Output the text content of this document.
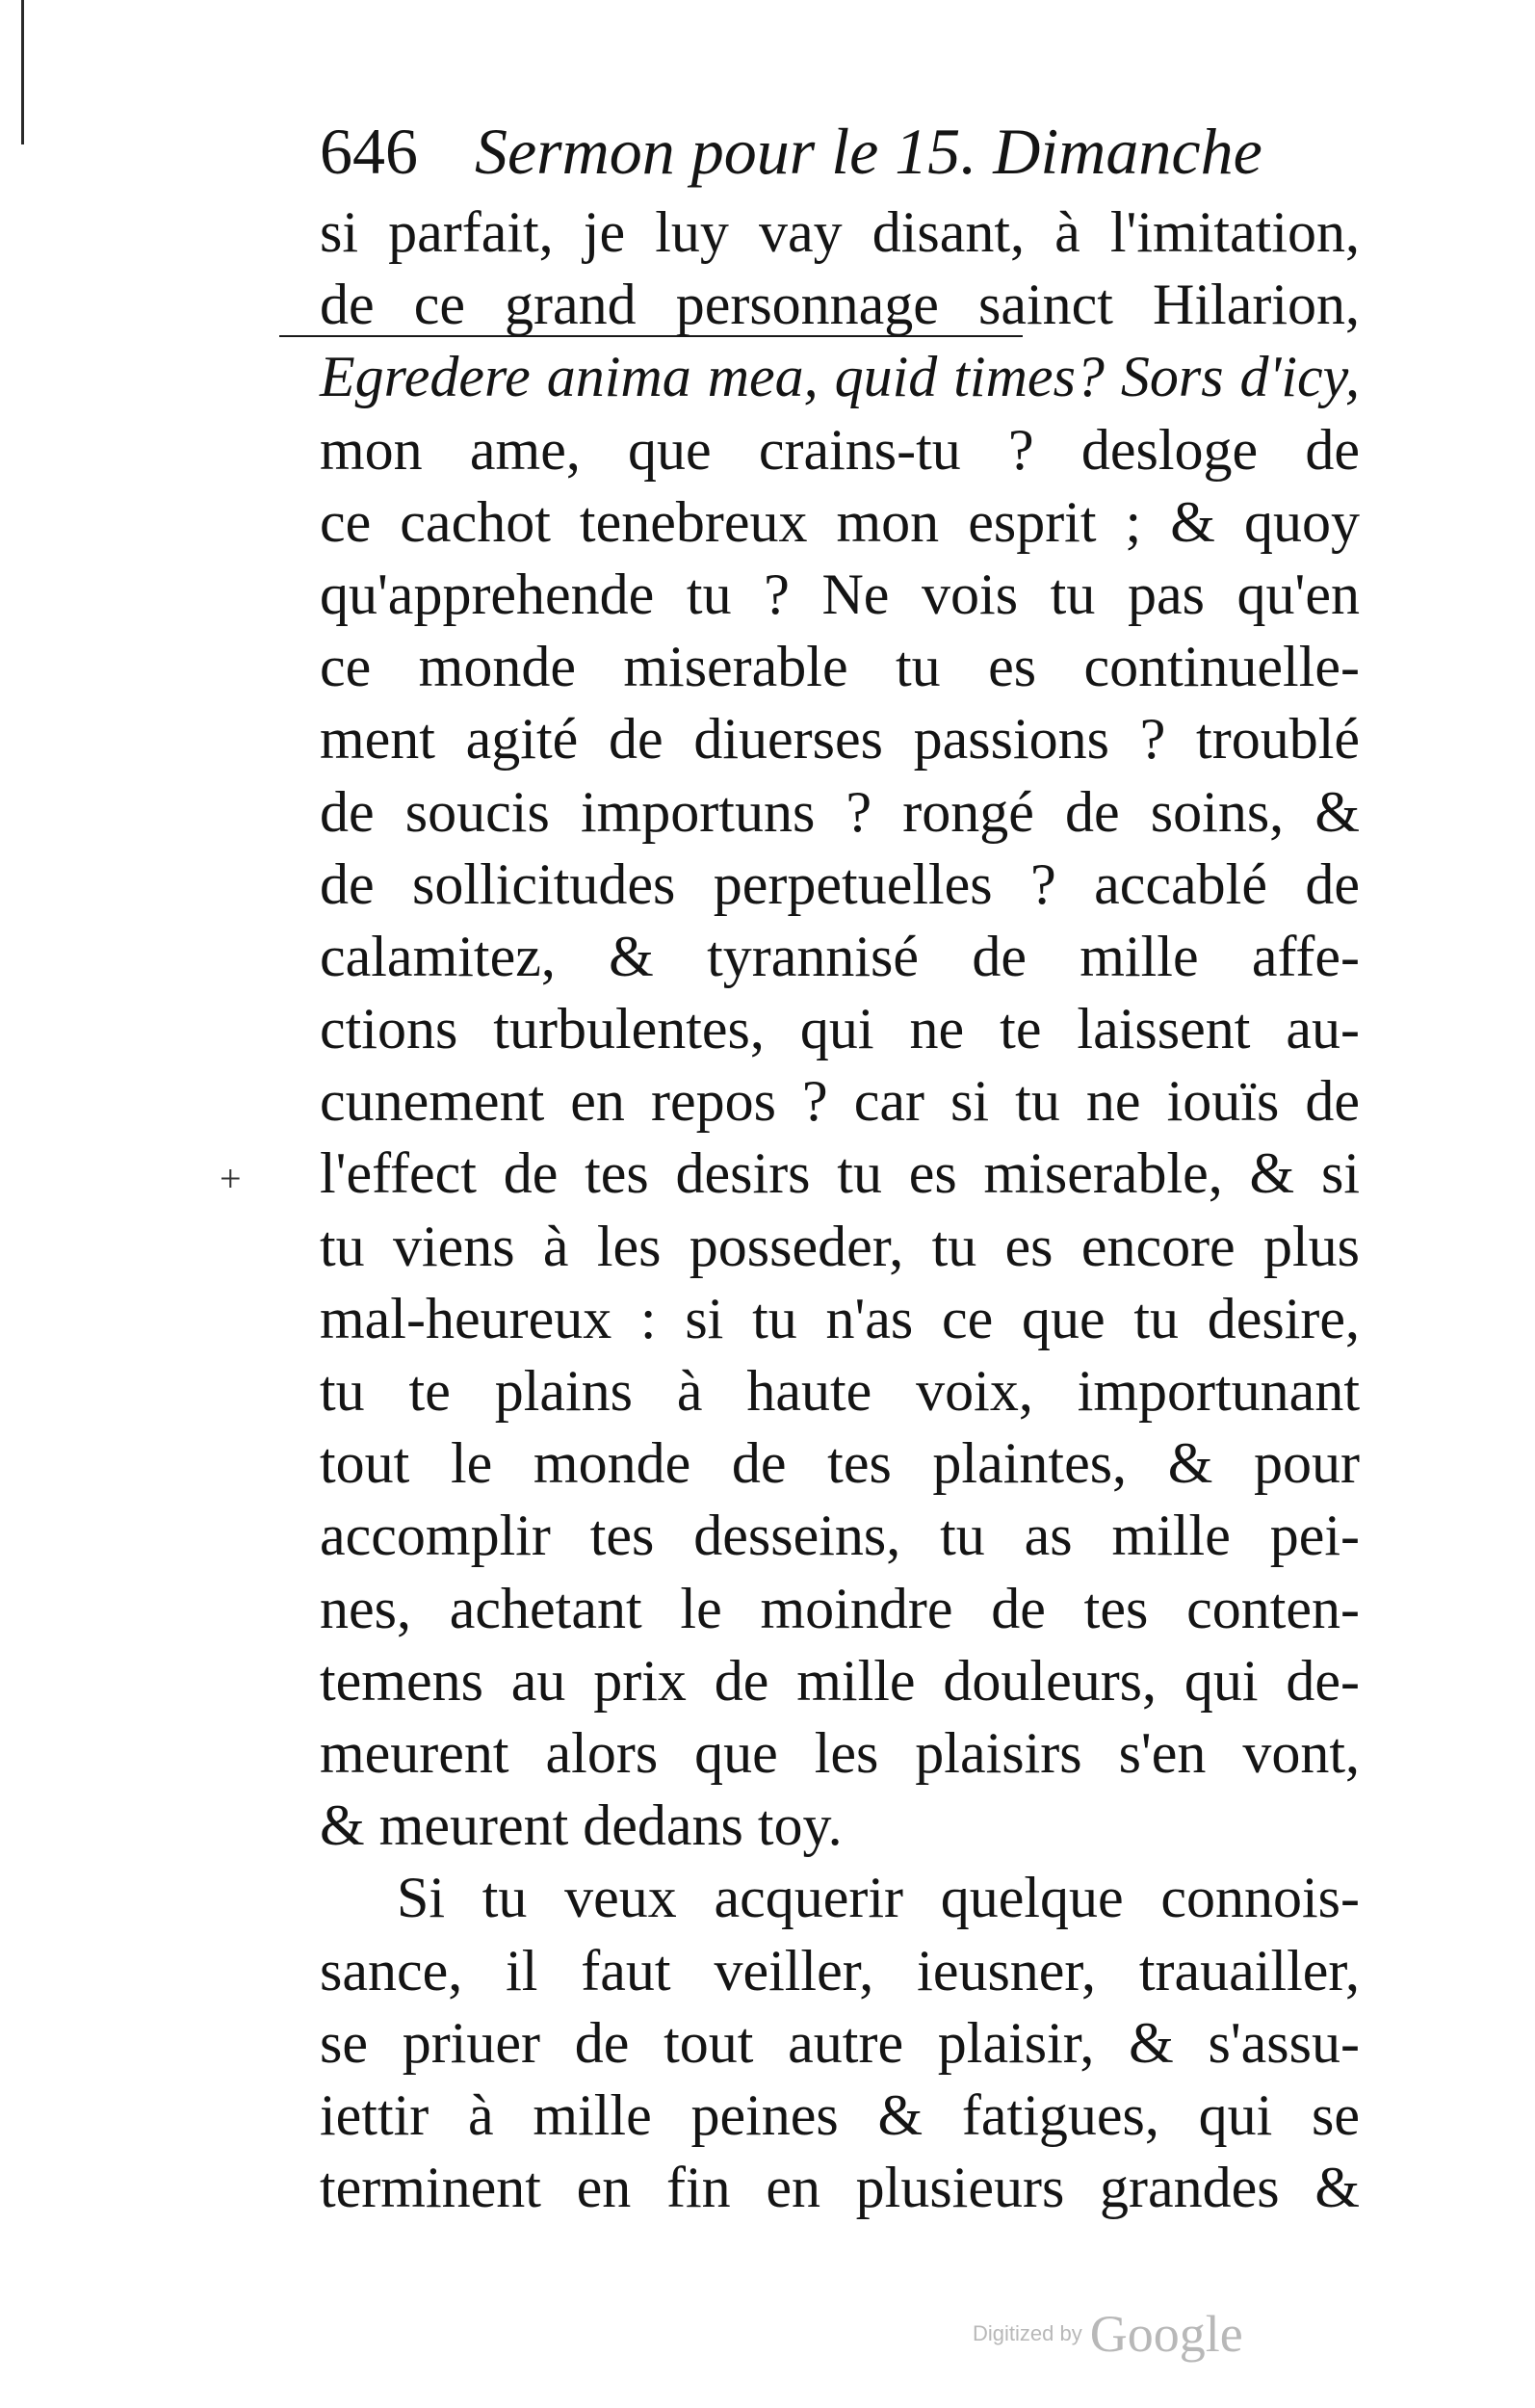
646 Sermon pour le 15. Dimanche
+
si parfait, je luy vay disant, à l'imitation,
de ce grand personnage sainct Hilarion,
Egredere anima mea, quid times? Sors d'icy,
mon ame, que crains-tu ? desloge de
ce cachot tenebreux mon esprit ; & quoy
qu'apprehende tu ? Ne vois tu pas qu'en
ce monde miserable tu es continuelle-
ment agité de diuerses passions ? troublé
de soucis importuns ? rongé de soins, &
de sollicitudes perpetuelles ? accablé de
calamitez, & tyrannisé de mille affe-
ctions turbulentes, qui ne te laissent au-
cunement en repos ? car si tu ne iouïs de
l'effect de tes desirs tu es miserable, & si
tu viens à les posseder, tu es encore plus
mal-heureux : si tu n'as ce que tu desire,
tu te plains à haute voix, importunant
tout le monde de tes plaintes, & pour
accomplir tes desseins, tu as mille pei-
nes, achetant le moindre de tes conten-
temens au prix de mille douleurs, qui de-
meurent alors que les plaisirs s'en vont,
& meurent dedans toy.
Si tu veux acquerir quelque connois-
sance, il faut veiller, ieusner, trauailler,
se priuer de tout autre plaisir, & s'assu-
iettir à mille peines & fatigues, qui se
terminent en fin en plusieurs grandes &
Digitized by Google
